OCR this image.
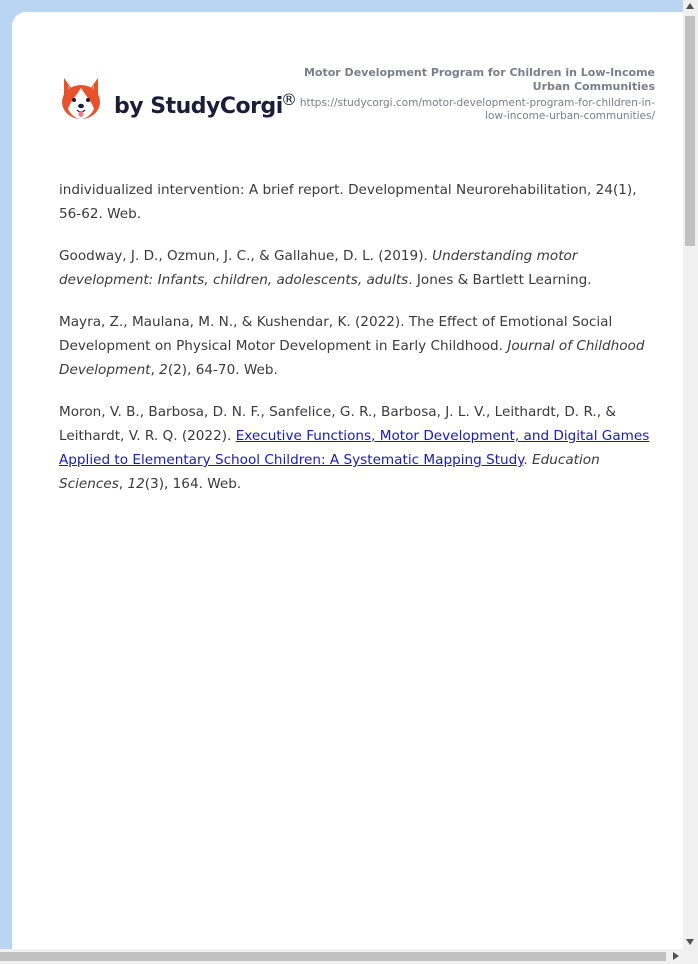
by StudyCorgi
®

Motor Development Program for Children in Low-Income Urban Communities

https://studycorgi.com/motor-development-program-for-children-in-low-income-urban-communities/

individualized intervention: A brief report. Developmental Neurorehabilitation, 24(1), 56-62. Web.

Goodway, J. D., Ozmun, J. C., & Gallahue, D. L. (2019). Understanding motor development: Infants, children, adolescents, adults. Jones & Bartlett Learning.

Mayra, Z., Maulana, M. N., & Kushendar, K. (2022). The Effect of Emotional Social Development on Physical Motor Development in Early Childhood. Journal of Childhood Development, 2(2), 64-70. Web.

Moron, V. B., Barbosa, D. N. F., Sanfelice, G. R., Barbosa, J. L. V., Leithardt, D. R., & Leithardt, V. R. Q. (2022). Executive Functions, Motor Development, and Digital Games Applied to Elementary School Children: A Systematic Mapping Study. Education Sciences, 12(3), 164. Web.
